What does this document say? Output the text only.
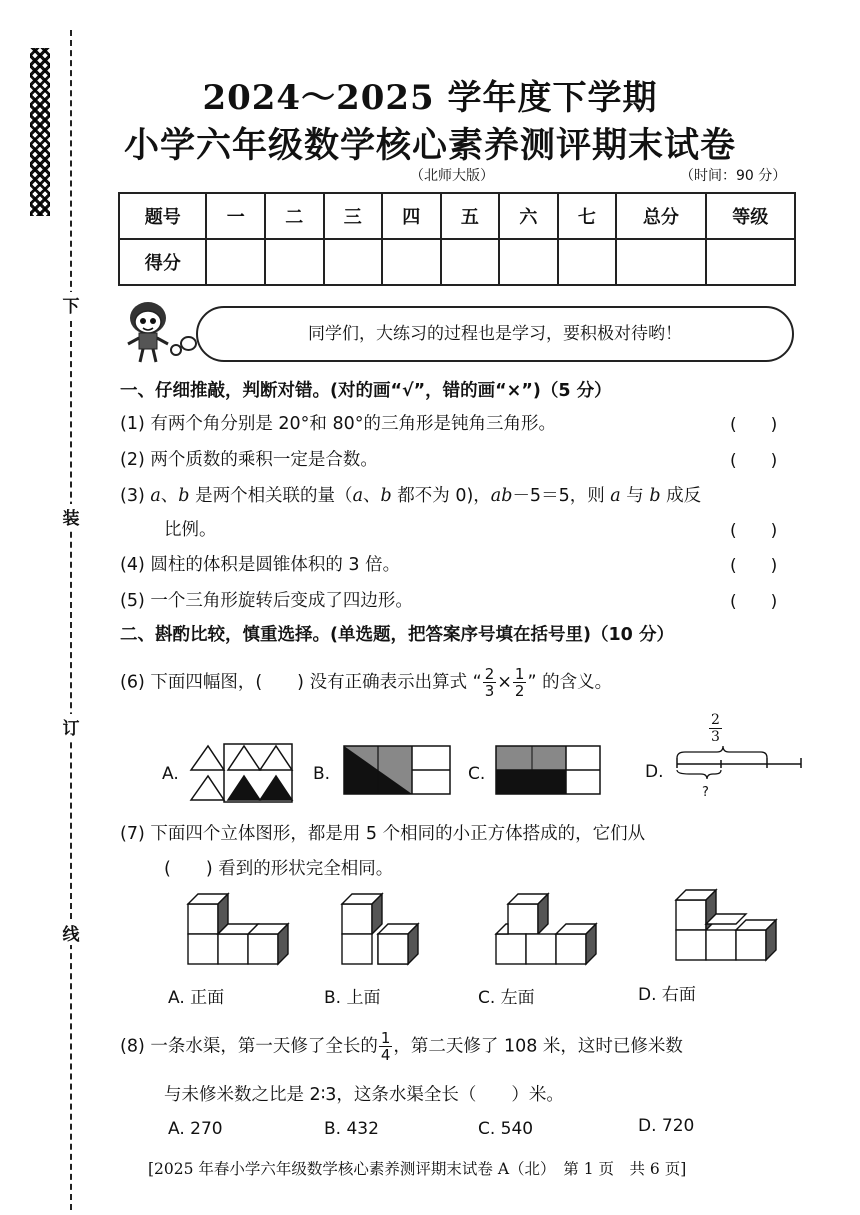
下
装
订
线
2024～2025 学年度下学期
小学六年级数学核心素养测评期末试卷
（北师大版）	（时间：90 分）
题号	一	二	三	四	五	六	七	总分	等级
得分									
同学们，大练习的过程也是学习，要积极对待哟！
一、仔细推敲，判断对错。(对的画“√”，错的画“×”)（5 分）
(1) 有两个角分别是 20°和 80°的三角形是钝角三角形。	(　　)
(2) 两个质数的乘积一定是合数。	(　　)
(3) a、b 是两个相关联的量（a、b 都不为 0)，ab－5＝5，则 a 与 b 成反
比例。	(　　)
(4) 圆柱的体积是圆锥体积的 3 倍。	(　　)
(5) 一个三角形旋转后变成了四边形。	(　　)
二、斟酌比较，慎重选择。(单选题，把答案序号填在括号里)（10 分）
(6) 下面四幅图，(　　) 没有正确表示出算式 “ $\frac{2}{3} \times \frac{1}{2}$ ” 的含义。
A.	B.	C.	D.
$\frac{2}{3}$
?
(7) 下面四个立体图形，都是用 5 个相同的小正方体搭成的，它们从
(　　) 看到的形状完全相同。
A. 正面	B. 上面	C. 左面	D. 右面
(8) 一条水渠，第一天修了全长的 $\frac{1}{4}$ ，第二天修了 108 米，这时已修米数
与未修米数之比是 2∶3，这条水渠全长（　　）米。
A. 270	B. 432	C. 540	D. 720
[2025 年春小学六年级数学核心素养测评期末试卷 A（北）　第 1 页　共 6 页]
